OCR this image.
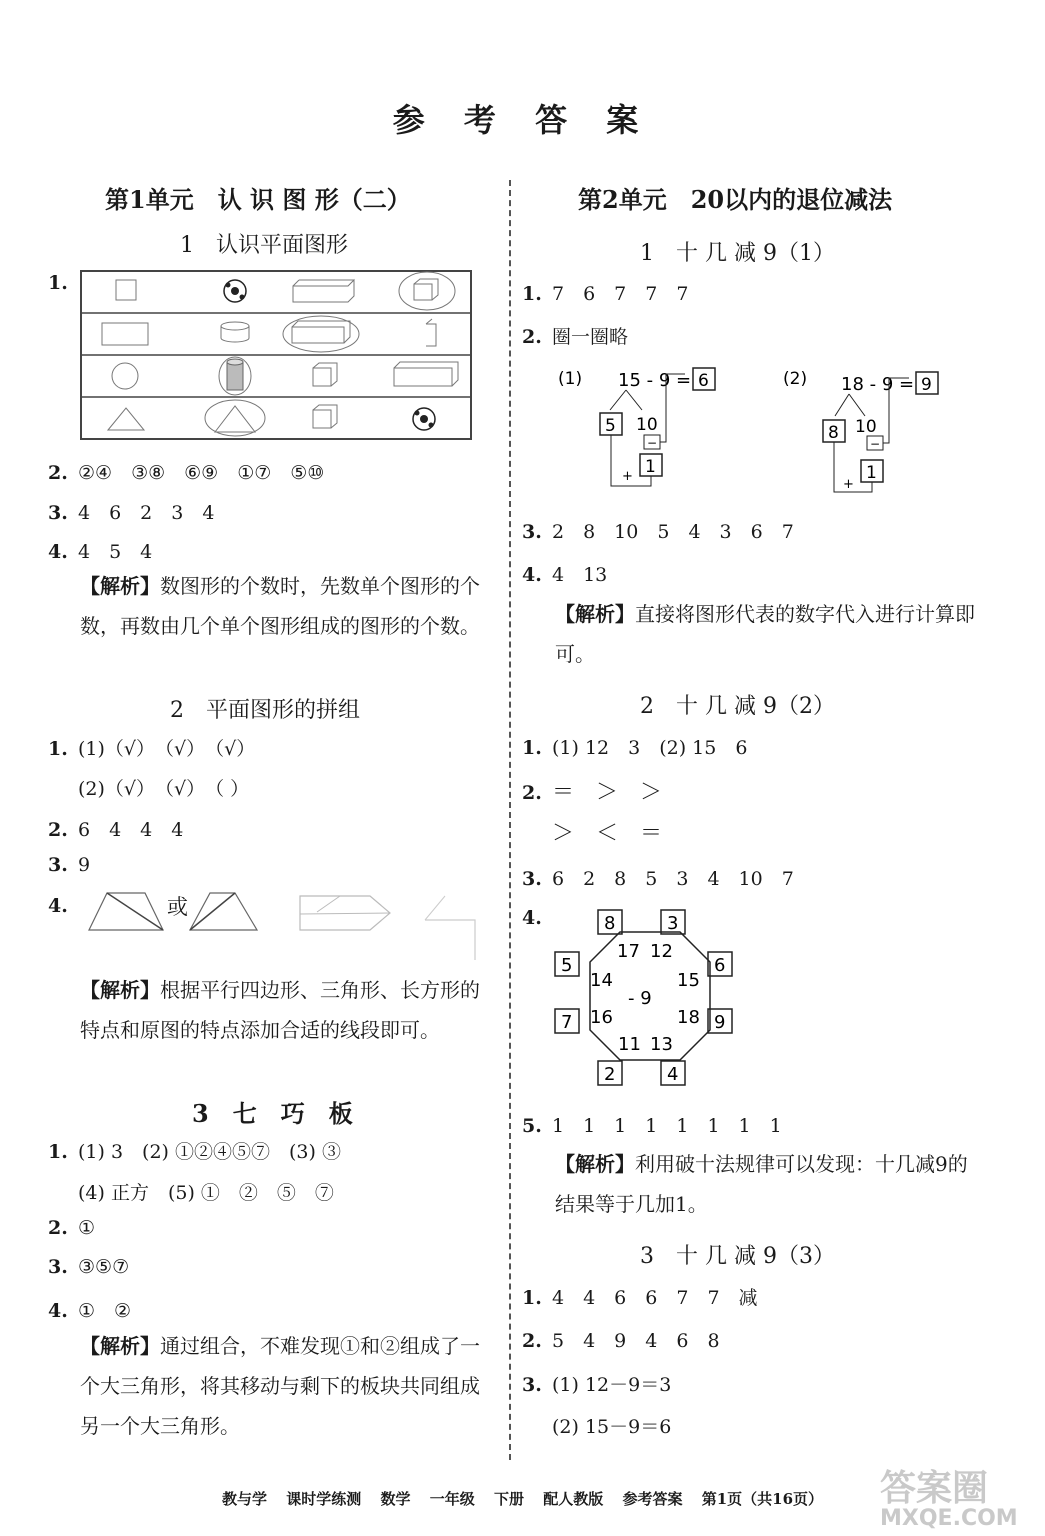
参 考 答 案
第1单元　认 识 图 形（二）
1　认识平面图形
1.
2. ②④　③⑧　⑥⑨　①⑦　⑤⑩
3. 4　6　2　3　4
4. 4　5　4
【解析】数图形的个数时，先数单个图形的个数，再数由几个单个图形组成的图形的个数。
2　平面图形的拼组
1. (1)（√）　（√）　（√）
(2)（√）　（√）　（ ）
2. 6　4　4　4
3. 9
4.	或
【解析】根据平行四边形、三角形、长方形的特点和原图的特点添加合适的线段即可。
3　七　巧　板
1. (1) 3　(2) ①②④⑤⑦　(3) ③
(4) 正方　(5) ①　②　⑤　⑦
2. ①
3. ③⑤⑦
4. ①　②
【解析】通过组合，不难发现①和②组成了一个大三角形，将其移动与剩下的板块共同组成另一个大三角形。
第2单元　20以内的退位减法
1　十 几 减 9（1）
1. 7　6　7　7　7
2. 圈一圈略
(1) 15 - 9 = 6
5 10
−
1
+
(2) 18 - 9 = 9
8 10
−
1
+
3. 2　8　10　5　4　3　6　7
4. 4　13
【解析】直接将图形代表的数字代入进行计算即可。
2　十 几 减 9（2）
1. (1) 12　3　(2) 15　6
2. ＝　＞　＞
＞　＜　＝
3. 6　2　8　5　3　4　10　7
4.
- 9
17 12
15
18
13
11
16
14
8	3
6
9
4
2
7
5
5. 1　1　1　1　1　1　1　1
【解析】利用破十法规律可以发现：十几减9的结果等于几加1。
3　十 几 减 9（3）
1. 4　4　6　6　7　7　减
2. 5　4　9　4　6　8
3. (1) 12－9＝3
(2) 15－9＝6
教与学 课时学练测 数学 一年级 下册 配人教版 参考答案 第1页（共16页）	答案圈
MXQE.COM
